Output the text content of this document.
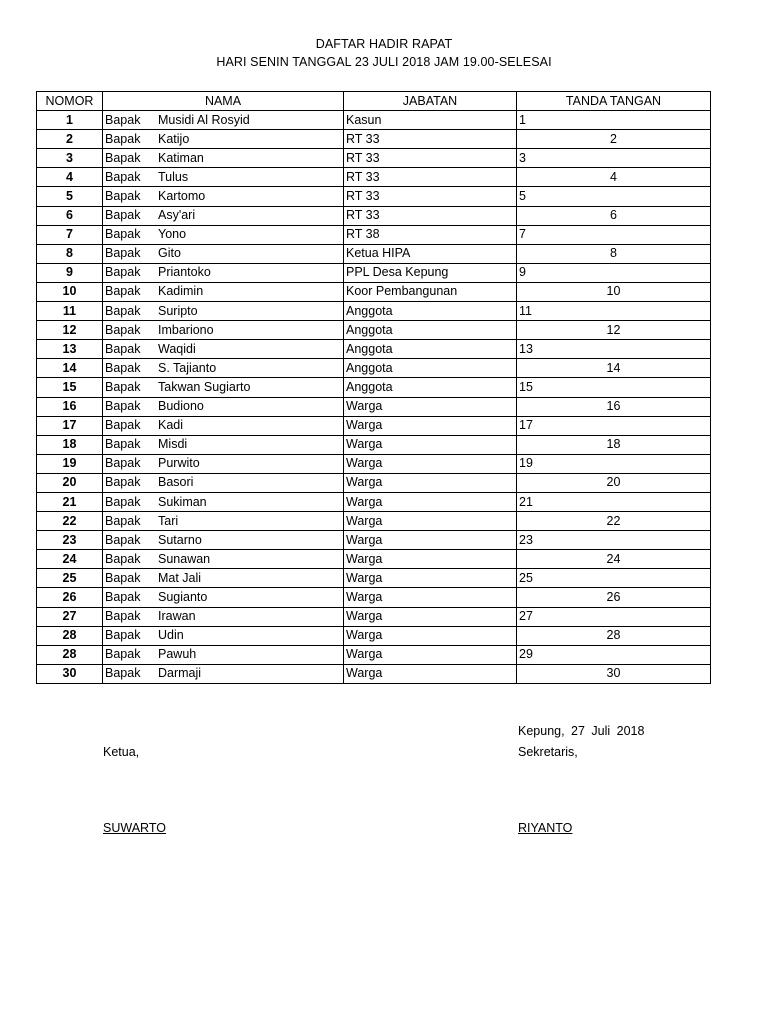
DAFTAR HADIR RAPAT
HARI SENIN TANGGAL 23 JULI 2018 JAM 19.00-SELESAI
NOMOR	NAMA	JABATAN	TANDA TANGAN
1	Bapak Musidi Al Rosyid	Kasun	1
2	Bapak Katijo	RT 33	2
3	Bapak Katiman	RT 33	3
4	Bapak Tulus	RT 33	4
5	Bapak Kartomo	RT 33	5
6	Bapak Asy'ari	RT 33	6
7	Bapak Yono	RT 38	7
8	Bapak Gito	Ketua HIPA	8
9	Bapak Priantoko	PPL Desa Kepung	9
10	Bapak Kadimin	Koor Pembangunan	10
11	Bapak Suripto	Anggota	11
12	Bapak Imbariono	Anggota	12
13	Bapak Waqidi	Anggota	13
14	Bapak S. Tajianto	Anggota	14
15	Bapak Takwan Sugiarto	Anggota	15
16	Bapak Budiono	Warga	16
17	Bapak Kadi	Warga	17
18	Bapak Misdi	Warga	18
19	Bapak Purwito	Warga	19
20	Bapak Basori	Warga	20
21	Bapak Sukiman	Warga	21
22	Bapak Tari	Warga	22
23	Bapak Sutarno	Warga	23
24	Bapak Sunawan	Warga	24
25	Bapak Mat Jali	Warga	25
26	Bapak Sugianto	Warga	26
27	Bapak Irawan	Warga	27
28	Bapak Udin	Warga	28
28	Bapak Pawuh	Warga	29
30	Bapak Darmaji	Warga	30
Kepung, 27 Juli 2018
Ketua,	Sekretaris,
SUWARTO	RIYANTO
